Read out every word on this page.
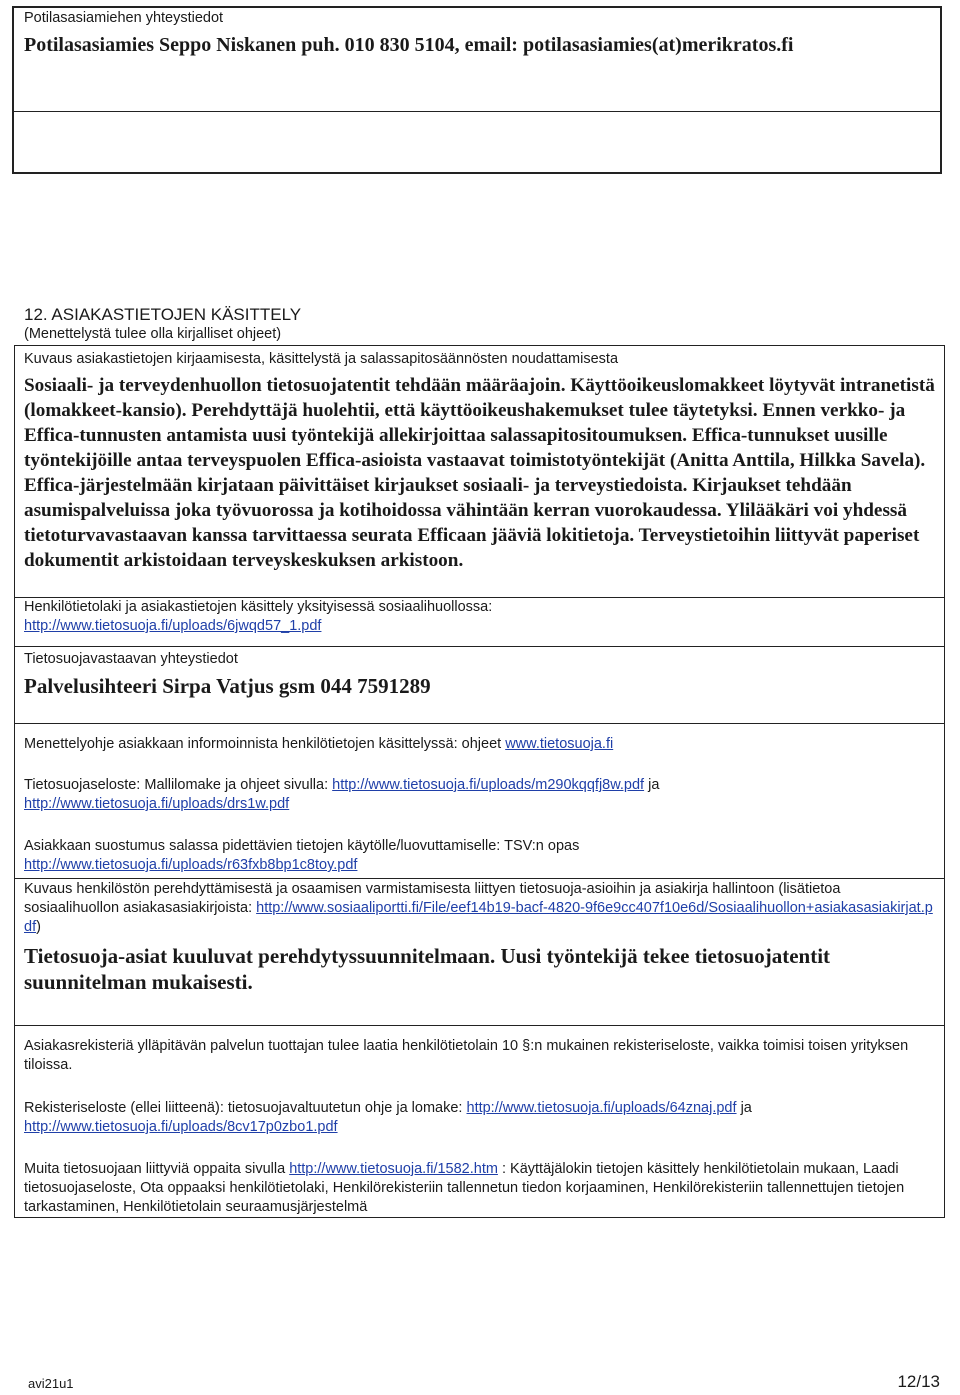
Potilasasiamiehen yhteystiedot
Potilasasiamies Seppo Niskanen puh. 010 830 5104, email: potilasasiamies(at)merikratos.fi
12. ASIAKASTIETOJEN KÄSITTELY
(Menettelystä tulee olla kirjalliset ohjeet)
Kuvaus asiakastietojen kirjaamisesta, käsittelystä ja salassapitosäännösten noudattamisesta
Sosiaali- ja terveydenhuollon tietosuojatentit tehdään määräajoin. Käyttöoikeuslomakkeet löytyvät intranetistä (lomakkeet-kansio). Perehdyttäjä huolehtii, että käyttöoikeushakemukset tulee täytetyksi. Ennen verkko- ja Effica-tunnusten antamista uusi työntekijä allekirjoittaa salassapitositoumuksen. Effica-tunnukset uusille työntekijöille antaa terveyspuolen Effica-asioista vastaavat toimistotyöntekijät (Anitta Anttila, Hilkka Savela). Effica-järjestelmään kirjataan päivittäiset kirjaukset sosiaali- ja terveystiedoista. Kirjaukset tehdään asumispalveluissa joka työvuorossa ja kotihoidossa vähintään kerran vuorokaudessa. Ylilääkäri voi yhdessä tietoturvavastaavan kanssa tarvittaessa seurata Efficaan jääviä lokitietoja. Terveystietoihin liittyvät paperiset dokumentit arkistoidaan terveyskeskuksen arkistoon.
Henkilötietolaki ja asiakastietojen käsittely yksityisessä sosiaalihuollossa:
http://www.tietosuoja.fi/uploads/6jwqd57_1.pdf
Tietosuojavastaavan yhteystiedot
Palvelusihteeri Sirpa Vatjus gsm 044 7591289
Menettelyohje asiakkaan informoinnista henkilötietojen käsittelyssä: ohjeet www.tietosuoja.fi
Tietosuojaseloste: Mallilomake ja ohjeet sivulla: http://www.tietosuoja.fi/uploads/m290kqqfj8w.pdf ja
http://www.tietosuoja.fi/uploads/drs1w.pdf
Asiakkaan suostumus salassa pidettävien tietojen käytölle/luovuttamiselle: TSV:n opas
http://www.tietosuoja.fi/uploads/r63fxb8bp1c8toy.pdf
Kuvaus henkilöstön perehdyttämisestä ja osaamisen varmistamisesta liittyen tietosuoja-asioihin ja asiakirja hallintoon (lisätietoa sosiaalihuollon asiakasasiakirjoista: http://www.sosiaaliportti.fi/File/eef14b19-bacf-4820-9f6e9cc407f10e6d/Sosiaalihuollon+asiakasasiakirjat.pdf)
Tietosuoja-asiat kuuluvat perehdytyssuunnitelmaan. Uusi työntekijä tekee tietosuojatentit suunnitelman mukaisesti.
Asiakasrekisteriä ylläpitävän palvelun tuottajan tulee laatia henkilötietolain 10 §:n mukainen rekisteriseloste, vaikka toimisi toisen yrityksen tiloissa.
Rekisteriseloste (ellei liitteenä): tietosuojavaltuutetun ohje ja lomake: http://www.tietosuoja.fi/uploads/64znaj.pdf ja
http://www.tietosuoja.fi/uploads/8cv17p0zbo1.pdf
Muita tietosuojaan liittyviä oppaita sivulla http://www.tietosuoja.fi/1582.htm : Käyttäjälokin tietojen käsittely henkilötietolain mukaan, Laadi tietosuojaseloste, Ota oppaaksi henkilötietolaki, Henkilörekisteriin tallennetun tiedon korjaaminen, Henkilörekisteriin tallennettujen tietojen tarkastaminen, Henkilötietolain seuraamusjärjestelmä
avi21u1	12/13
